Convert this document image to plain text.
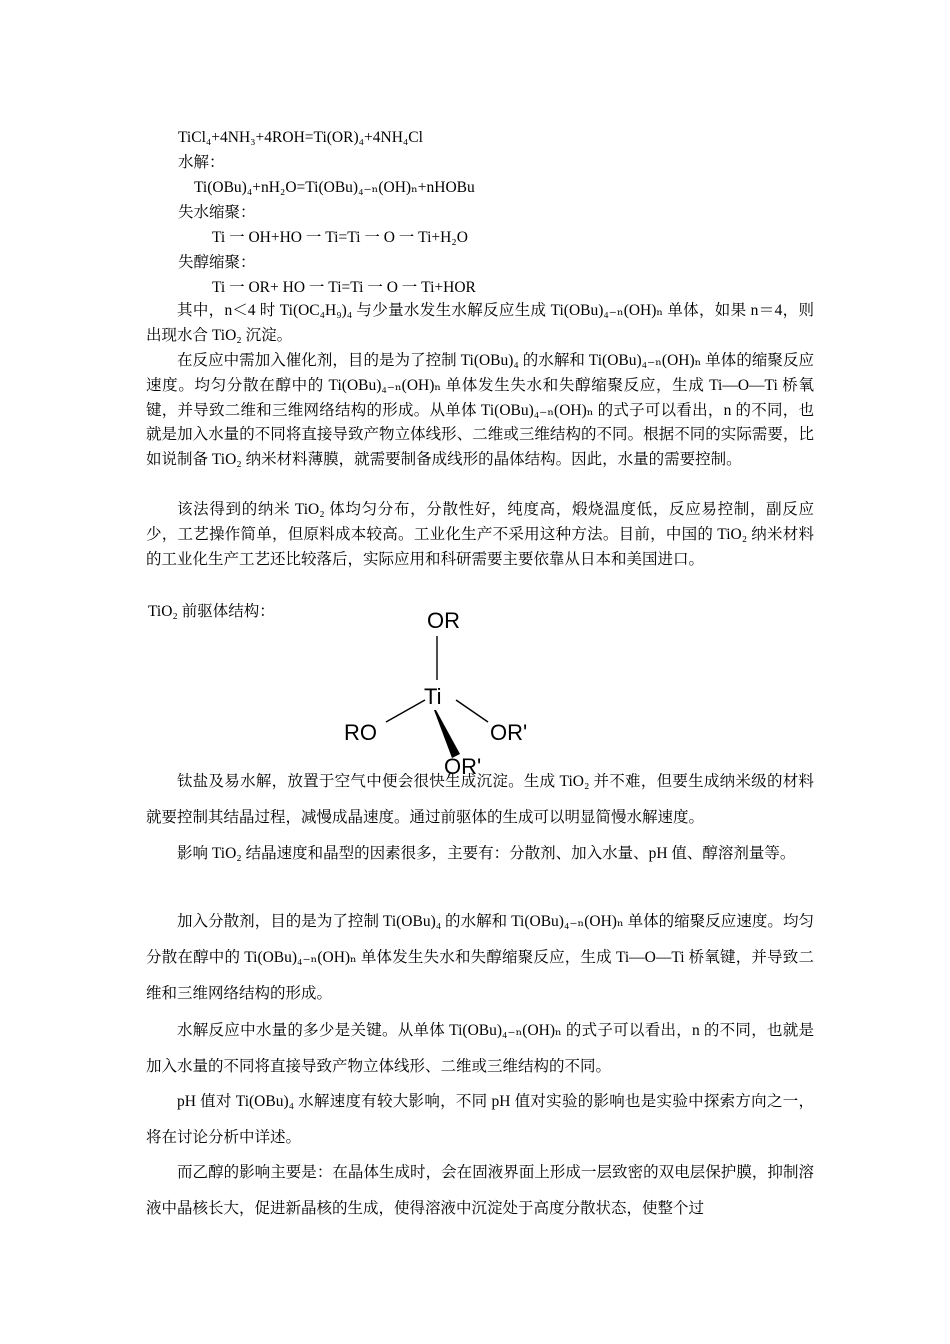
TiCl₄+4NH₃+4ROH=Ti(OR)₄+4NH₄Cl
水解：
Ti(OBu)₄+nH₂O=Ti(OBu)₄₋ₙ(OH)ₙ+nHOBu
失水缩聚：
Ti 一 OH+HO 一 Ti=Ti 一 O 一 Ti+H₂O
失醇缩聚：
Ti 一 OR+ HO 一 Ti=Ti 一 O 一 Ti+HOR
其中，n＜4 时 Ti(OC₄H₉)₄ 与少量水发生水解反应生成 Ti(OBu)₄₋ₙ(OH)ₙ 单体，如果 n＝4，则出现水合 TiO₂ 沉淀。
在反应中需加入催化剂，目的是为了控制 Ti(OBu)₄ 的水解和 Ti(OBu)₄₋ₙ(OH)ₙ 单体的缩聚反应速度。均匀分散在醇中的 Ti(OBu)₄₋ₙ(OH)ₙ 单体发生失水和失醇缩聚反应，生成 Ti—O—Ti 桥氧键，并导致二维和三维网络结构的形成。从单体 Ti(OBu)₄₋ₙ(OH)ₙ 的式子可以看出，n 的不同，也就是加入水量的不同将直接导致产物立体线形、二维或三维结构的不同。根据不同的实际需要，比如说制备 TiO₂ 纳米材料薄膜，就需要制备成线形的晶体结构。因此，水量的需要控制。
该法得到的纳米 TiO₂ 体均匀分布，分散性好，纯度高，煅烧温度低，反应易控制，副反应少，工艺操作简单，但原料成本较高。工业化生产不采用这种方法。目前，中国的 TiO₂ 纳米材料的工业化生产工艺还比较落后，实际应用和科研需要主要依靠从日本和美国进口。
TiO₂ 前驱体结构：	OR
Ti
RO	OR'
OR'
钛盐及易水解，放置于空气中便会很快生成沉淀。生成 TiO₂ 并不难，但要生成纳米级的材料就要控制其结晶过程，减慢成晶速度。通过前驱体的生成可以明显简慢水解速度。
影响 TiO₂ 结晶速度和晶型的因素很多，主要有：分散剂、加入水量、pH 值、醇溶剂量等。
加入分散剂，目的是为了控制 Ti(OBu)₄ 的水解和 Ti(OBu)₄₋ₙ(OH)ₙ 单体的缩聚反应速度。均匀分散在醇中的 Ti(OBu)₄₋ₙ(OH)ₙ 单体发生失水和失醇缩聚反应，生成 Ti—O—Ti 桥氧键，并导致二维和三维网络结构的形成。
水解反应中水量的多少是关键。从单体 Ti(OBu)₄₋ₙ(OH)ₙ 的式子可以看出，n 的不同，也就是加入水量的不同将直接导致产物立体线形、二维或三维结构的不同。
pH 值对 Ti(OBu)₄ 水解速度有较大影响，不同 pH 值对实验的影响也是实验中探索方向之一，将在讨论分析中详述。
而乙醇的影响主要是：在晶体生成时，会在固液界面上形成一层致密的双电层保护膜，抑制溶液中晶核长大，促进新晶核的生成，使得溶液中沉淀处于高度分散状态，使整个过
